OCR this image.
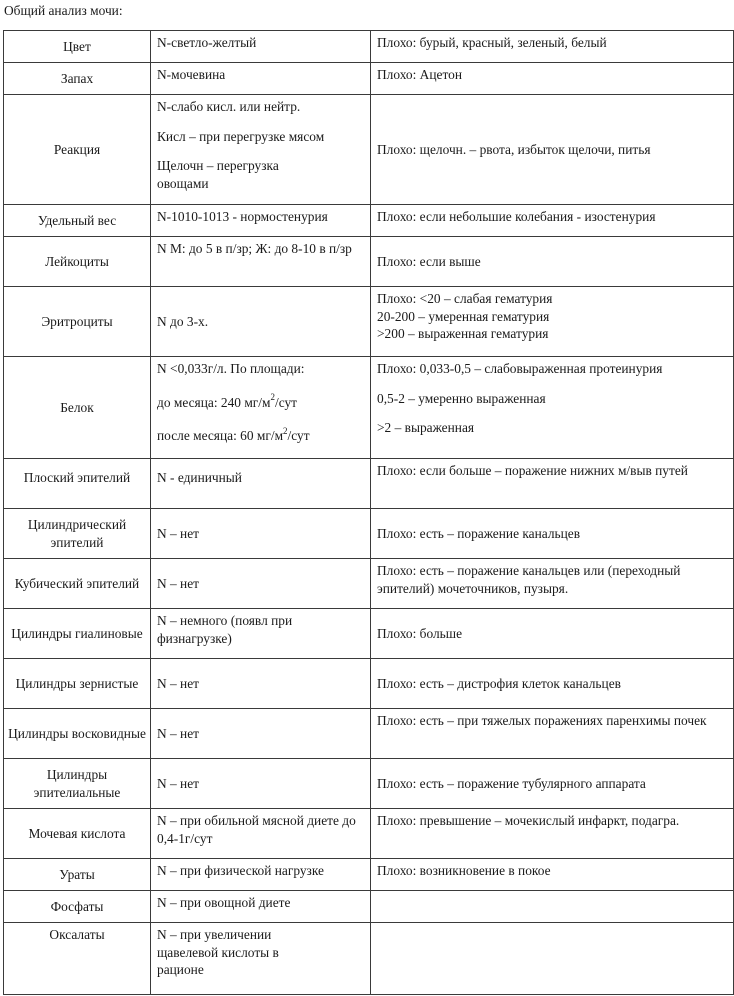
Общий анализ мочи:
Цвет	N-светло-желтый	Плохо: бурый, красный, зеленый, белый

Запах	N-мочевина	Плохо: Ацетон

Реакция	N-слабо кисл. или нейтр.
Кисл – при перегрузке мясом
Щелочн – перегрузка овощами	Плохо: щелочн. – рвота, избыток щелочи, питья

Удельный вес	N-1010-1013 - нормостенурия	Плохо: если небольшие колебания - изостенурия

Лейкоциты	N М: до 5 в п/зр; Ж: до 8-10 в п/зр	Плохо: если выше

Эритроциты	N до 3-х.	Плохо: <20 – слабая гематурия
20-200 – умеренная гематурия
>200 – выраженная гематурия

Белок	N <0,033г/л. По площади:
до месяца: 240 $мг/м^2$/сут
после месяца: 60 $мг/м^2$/сут	Плохо: 0,033-0,5 – слабовыраженная протеинурия
0,5-2 – умеренно выраженная
>2 – выраженная

Плоский эпителий	N - единичный	Плохо: если больше – поражение нижних м/выв путей

Цилиндрический эпителий	N – нет	Плохо: есть – поражение канальцев

Кубический эпителий	N – нет	Плохо: есть – поражение канальцев или (переходный эпителий) мочеточников, пузыря.

Цилиндры гиалиновые	N – немного (появл при физнагрузке)	Плохо: больше

Цилиндры зернистые	N – нет	Плохо: есть – дистрофия клеток канальцев

Цилиндры восковидные	N – нет	Плохо: есть – при тяжелых поражениях паренхимы почек

Цилиндры эпителиальные	N – нет	Плохо: есть – поражение тубулярного аппарата

Мочевая кислота	N – при обильной мясной диете до 0,4-1г/сут	Плохо: превышение – мочекислый инфаркт, подагра.

Ураты	N – при физической нагрузке	Плохо: возникновение в покое

Фосфаты	N – при овощной диете	

Оксалаты	N – при увеличении щавелевой кислоты в рационе	
